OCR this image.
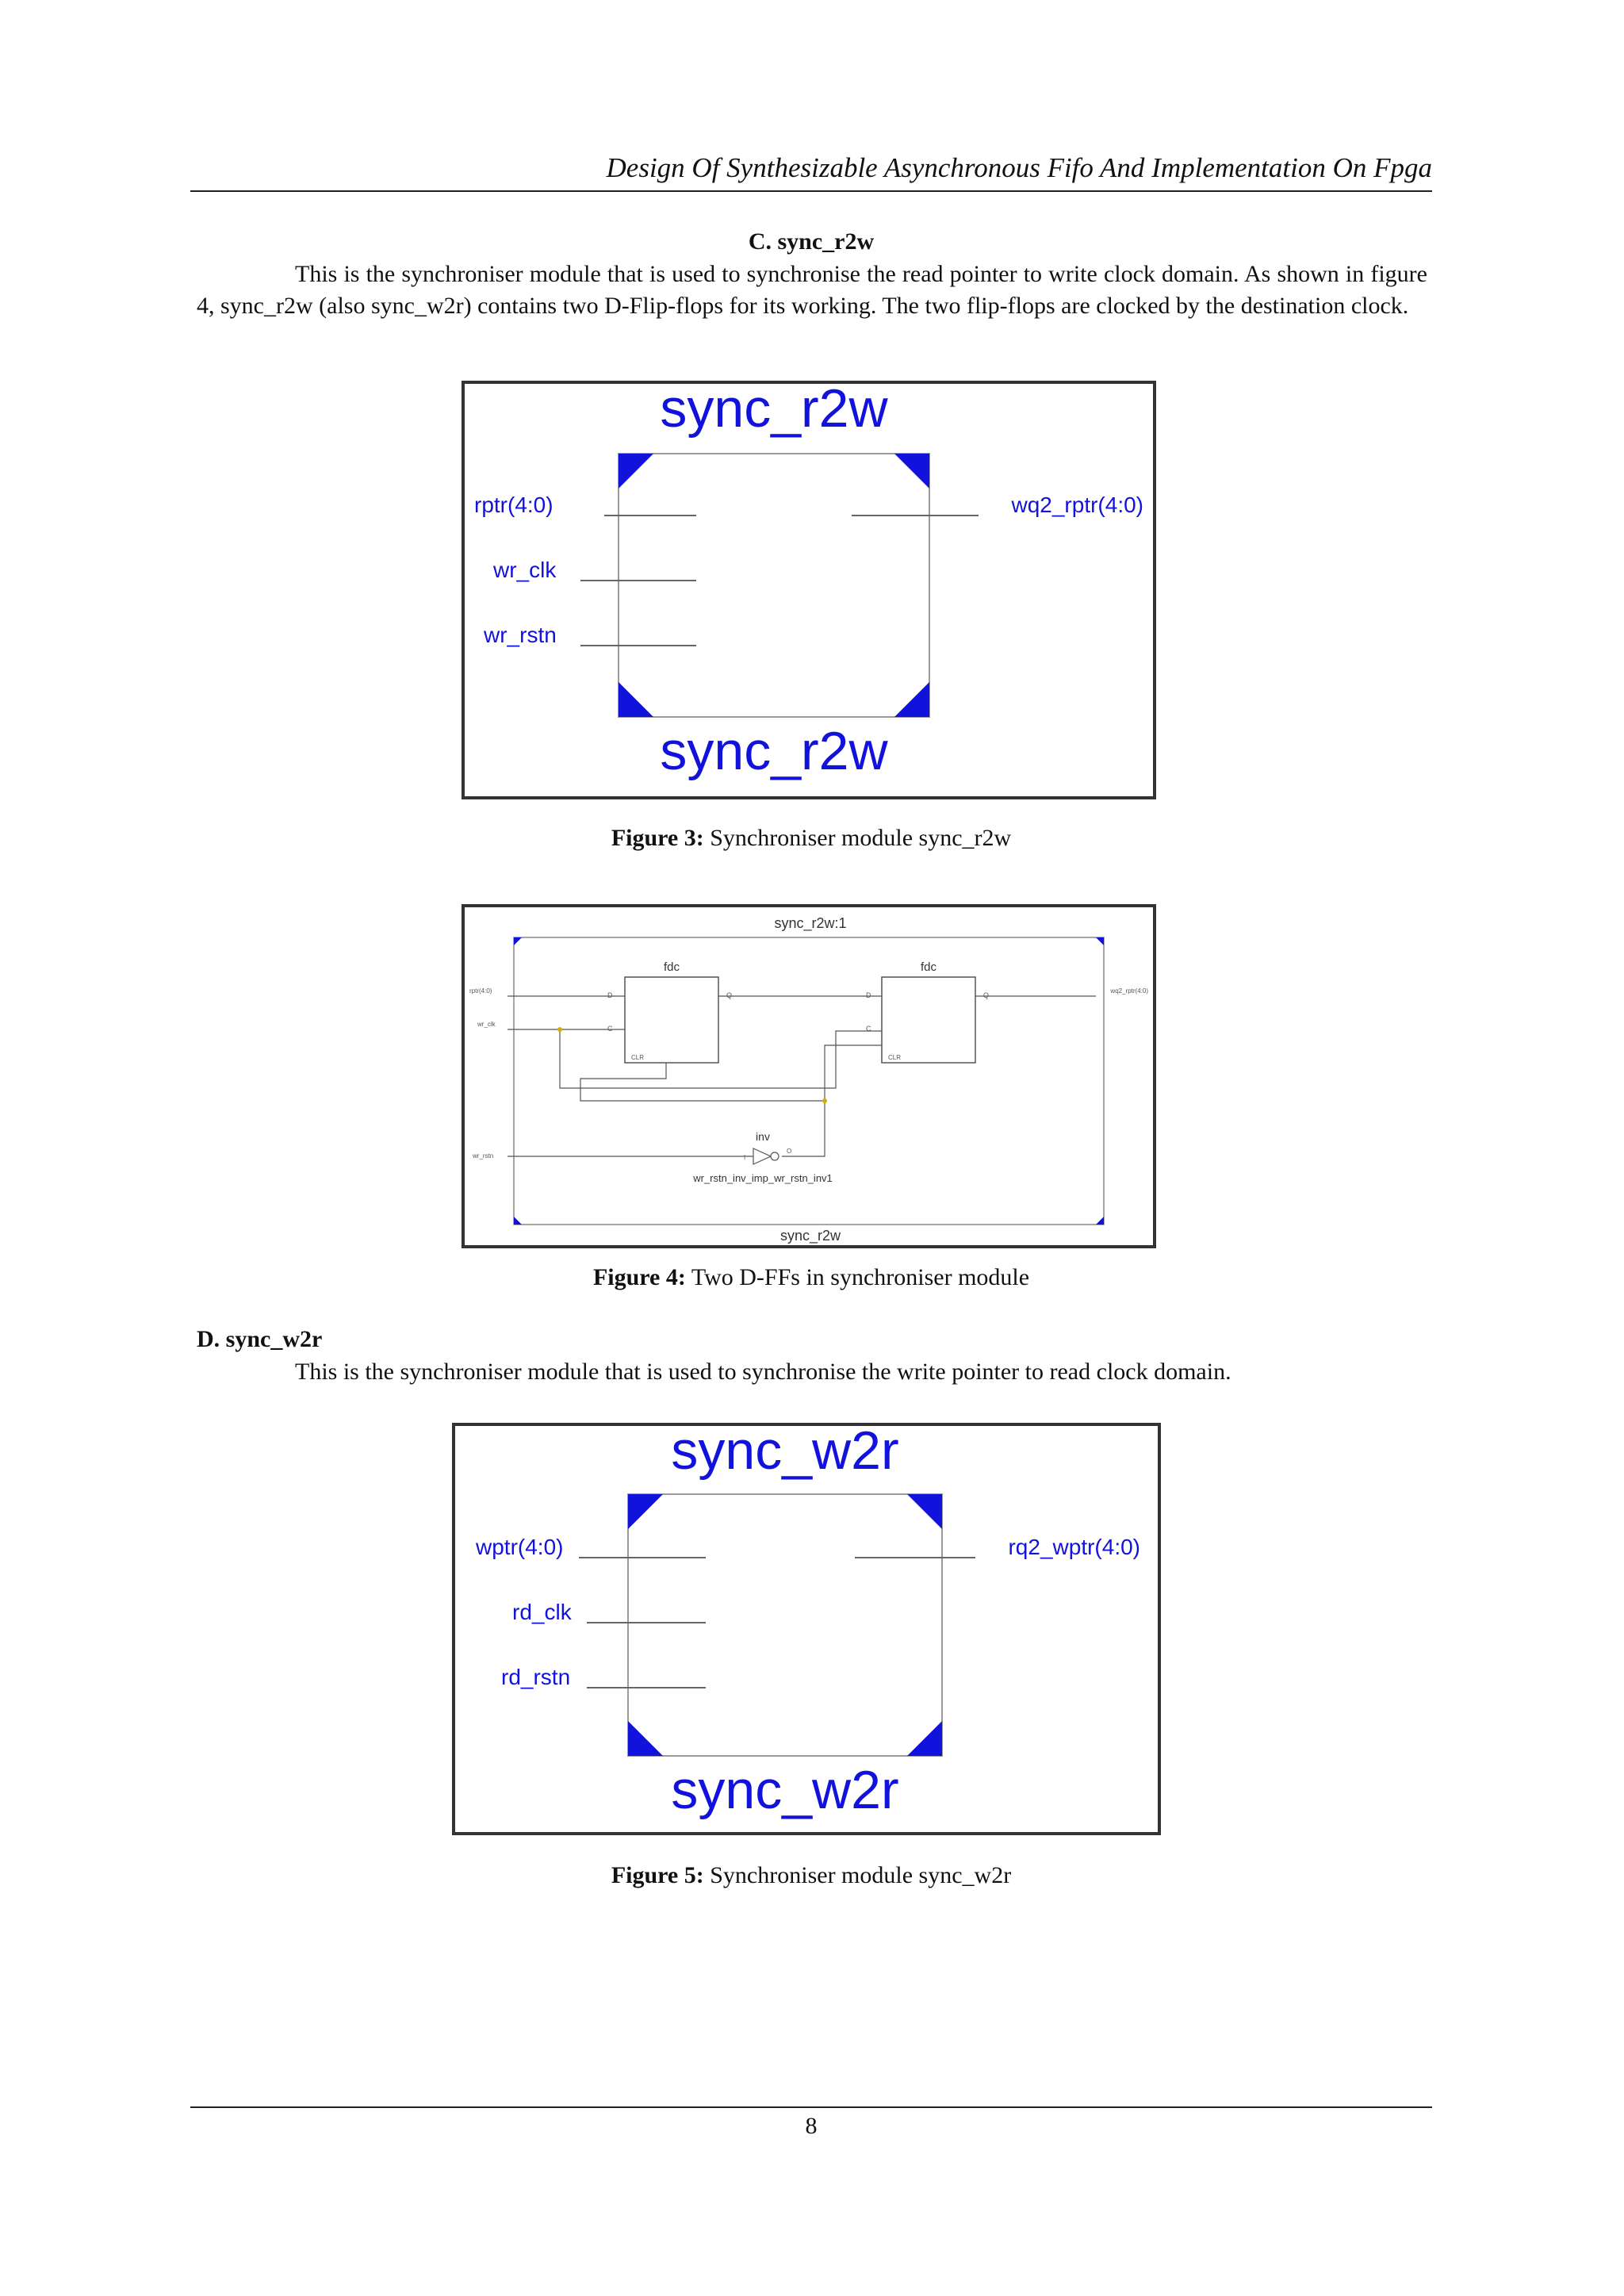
Design Of Synthesizable Asynchronous Fifo And Implementation On Fpga
C. sync_r2w
This is the synchroniser module that is used to synchronise the read pointer to write clock domain. As shown in figure 4, sync_r2w (also sync_w2r) contains two D-Flip-flops for its working. The two flip-flops are clocked by the destination clock.
sync_r2w
sync_r2w
rptr(4:0)
wr_clk
wr_rstn
wq2_rptr(4:0)
Figure 3: Synchroniser module sync_r2w
sync_r2w:1
sync_r2w
fdc	fdc
D
C
Q
CLR
D
C
Q
CLR
rptr(4:0)
wr_clk
wr_rstn
wq2_rptr(4:0)
inv
I
O
wr_rstn_inv_imp_wr_rstn_inv1
Figure 4: Two D-FFs in synchroniser module
D. sync_w2r
This is the synchroniser module that is used to synchronise the write pointer to read clock domain.
sync_w2r
sync_w2r
wptr(4:0)
rd_clk
rd_rstn
rq2_wptr(4:0)
Figure 5: Synchroniser module sync_w2r
8
